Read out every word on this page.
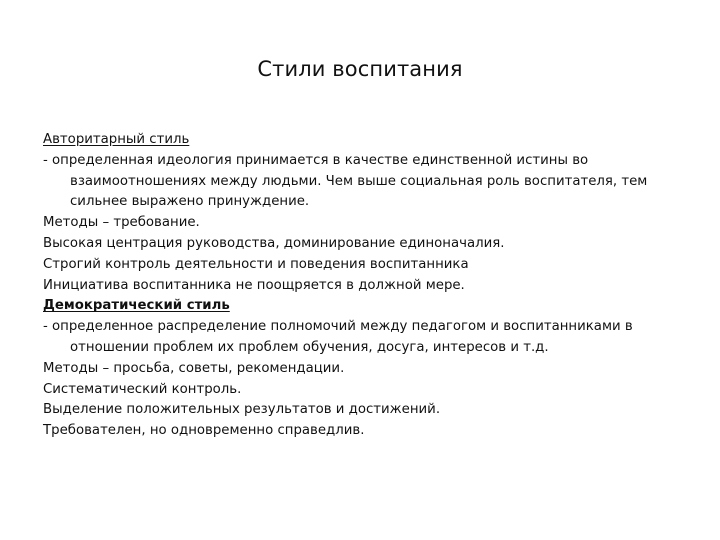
Стили воспитания
Авторитарный стиль
- определенная идеология принимается в качестве единственной истины во взаимоотношениях между людьми. Чем выше социальная роль воспитателя, тем сильнее выражено принуждение.
Методы – требование.
Высокая центрация руководства, доминирование единоначалия.
Строгий контроль деятельности и поведения воспитанника
Инициатива воспитанника не поощряется в должной мере.
Демократический стиль
- определенное распределение полномочий между педагогом и воспитанниками в отношении проблем их проблем обучения, досуга, интересов и т.д.
Методы – просьба, советы, рекомендации.
Систематический контроль.
Выделение положительных результатов и достижений.
Требователен, но одновременно справедлив.
